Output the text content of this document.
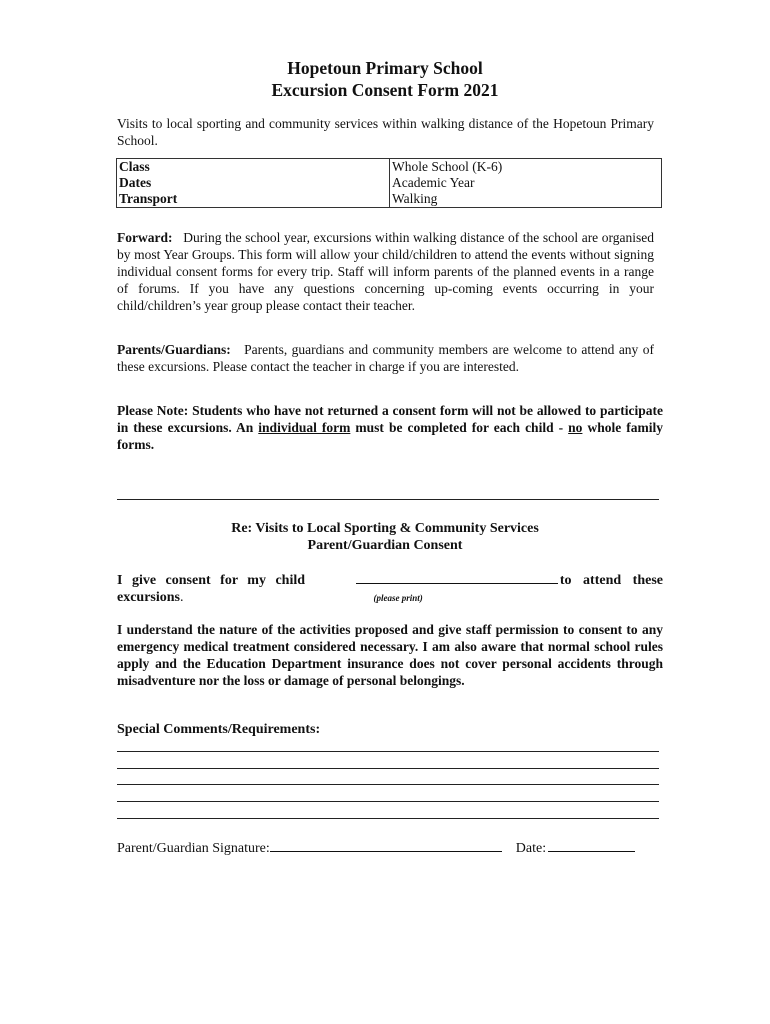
Hopetoun Primary School
Excursion Consent Form 2021
Visits to local sporting and community services within walking distance of the Hopetoun Primary School.
Class	Whole School (K-6)
Dates	Academic Year
Transport	Walking
Forward: During the school year, excursions within walking distance of the school are organised by most Year Groups. This form will allow your child/children to attend the events without signing individual consent forms for every trip. Staff will inform parents of the planned events in a range of forums. If you have any questions concerning up-coming events occurring in your child/children’s year group please contact their teacher.
Parents/Guardians: Parents, guardians and community members are welcome to attend any of these excursions. Please contact the teacher in charge if you are interested.
Please Note: Students who have not returned a consent form will not be allowed to participate in these excursions. An individual form must be completed for each child - no whole family forms.
Re: Visits to Local Sporting & Community Services
Parent/Guardian Consent
I give consent for my child	to attend these
excursions.	(please print)
I understand the nature of the activities proposed and give staff permission to consent to any emergency medical treatment considered necessary. I am also aware that normal school rules apply and the Education Department insurance does not cover personal accidents through misadventure nor the loss or damage of personal belongings.
Special Comments/Requirements:
Parent/Guardian Signature:	Date:
